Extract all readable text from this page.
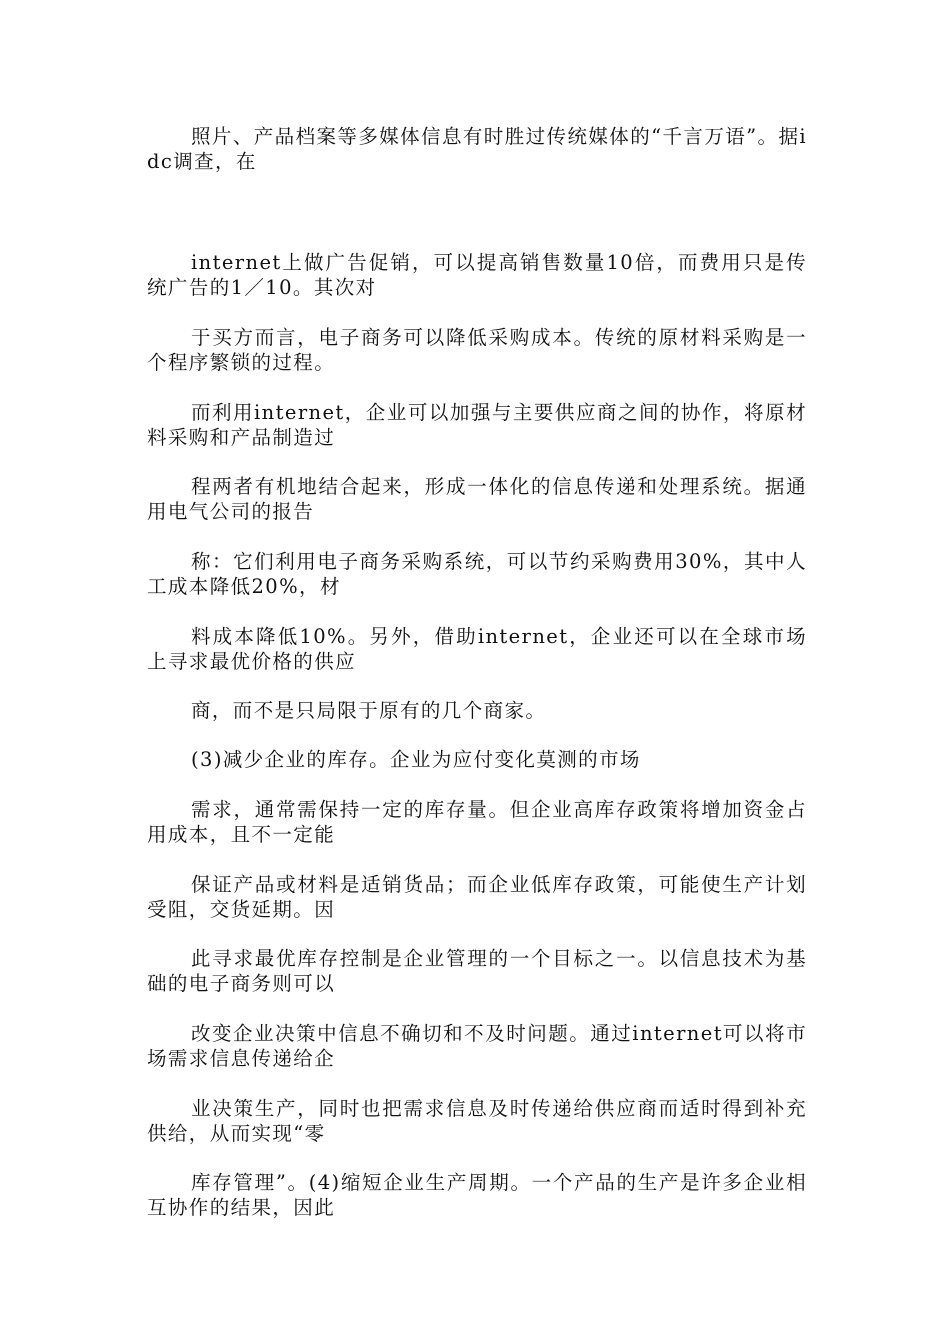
照片、产品档案等多媒体信息有时胜过传统媒体的“千言万语”。据idc调查，在

internet上做广告促销，可以提高销售数量10倍，而费用只是传统广告的1／10。其次对

于买方而言，电子商务可以降低采购成本。传统的原材料采购是一个程序繁锁的过程。

而利用internet，企业可以加强与主要供应商之间的协作，将原材料采购和产品制造过

程两者有机地结合起来，形成一体化的信息传递和处理系统。据通用电气公司的报告

称：它们利用电子商务采购系统，可以节约采购费用30%，其中人工成本降低20%，材

料成本降低10%。另外，借助internet，企业还可以在全球市场上寻求最优价格的供应

商，而不是只局限于原有的几个商家。

(3)减少企业的库存。企业为应付变化莫测的市场

需求，通常需保持一定的库存量。但企业高库存政策将增加资金占用成本，且不一定能

保证产品或材料是适销货品；而企业低库存政策，可能使生产计划受阻，交货延期。因

此寻求最优库存控制是企业管理的一个目标之一。以信息技术为基础的电子商务则可以

改变企业决策中信息不确切和不及时问题。通过internet可以将市场需求信息传递给企

业决策生产，同时也把需求信息及时传递给供应商而适时得到补充供给，从而实现“零

库存管理”。(4)缩短企业生产周期。一个产品的生产是许多企业相互协作的结果，因此
